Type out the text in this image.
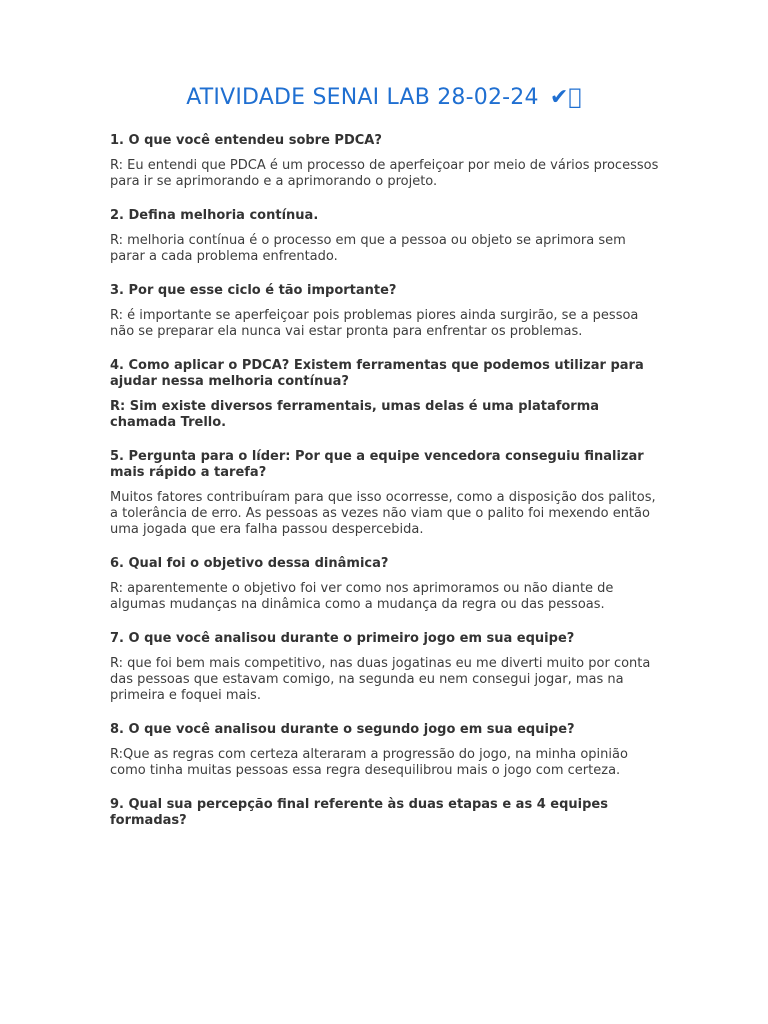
ATIVIDADE SENAI LAB 28-02-24 ✔

1. O que você entendeu sobre PDCA?

R: Eu entendi que PDCA é um processo de aperfeiçoar por meio de vários processos para ir se aprimorando e a aprimorando o projeto.

2. Defina melhoria contínua.

R: melhoria contínua é o processo em que a pessoa ou objeto se aprimora sem parar a cada problema enfrentado.

3. Por que esse ciclo é tão importante?

R: é importante se aperfeiçoar pois problemas piores ainda surgirão, se a pessoa não se preparar ela nunca vai estar pronta para enfrentar os problemas.

4. Como aplicar o PDCA? Existem ferramentas que podemos utilizar para ajudar nessa melhoria contínua?

R: Sim existe diversos ferramentais, umas delas é uma plataforma chamada Trello.

5. Pergunta para o líder: Por que a equipe vencedora conseguiu finalizar mais rápido a tarefa?

Muitos fatores contribuíram para que isso ocorresse, como a disposição dos palitos, a tolerância de erro. As pessoas as vezes não viam que o palito foi mexendo então uma jogada que era falha passou despercebida.

6. Qual foi o objetivo dessa dinâmica?

R: aparentemente o objetivo foi ver como nos aprimoramos ou não diante de algumas mudanças na dinâmica como a mudança da regra ou das pessoas.

7. O que você analisou durante o primeiro jogo em sua equipe?

R: que foi bem mais competitivo, nas duas jogatinas eu me diverti muito por conta das pessoas que estavam comigo, na segunda eu nem consegui jogar, mas na primeira e foquei mais.

8. O que você analisou durante o segundo jogo em sua equipe?

R:Que as regras com certeza alteraram a progressão do jogo, na minha opinião como tinha muitas pessoas essa regra desequilibrou mais o jogo com certeza.

9. Qual sua percepção final referente às duas etapas e as 4 equipes formadas?
